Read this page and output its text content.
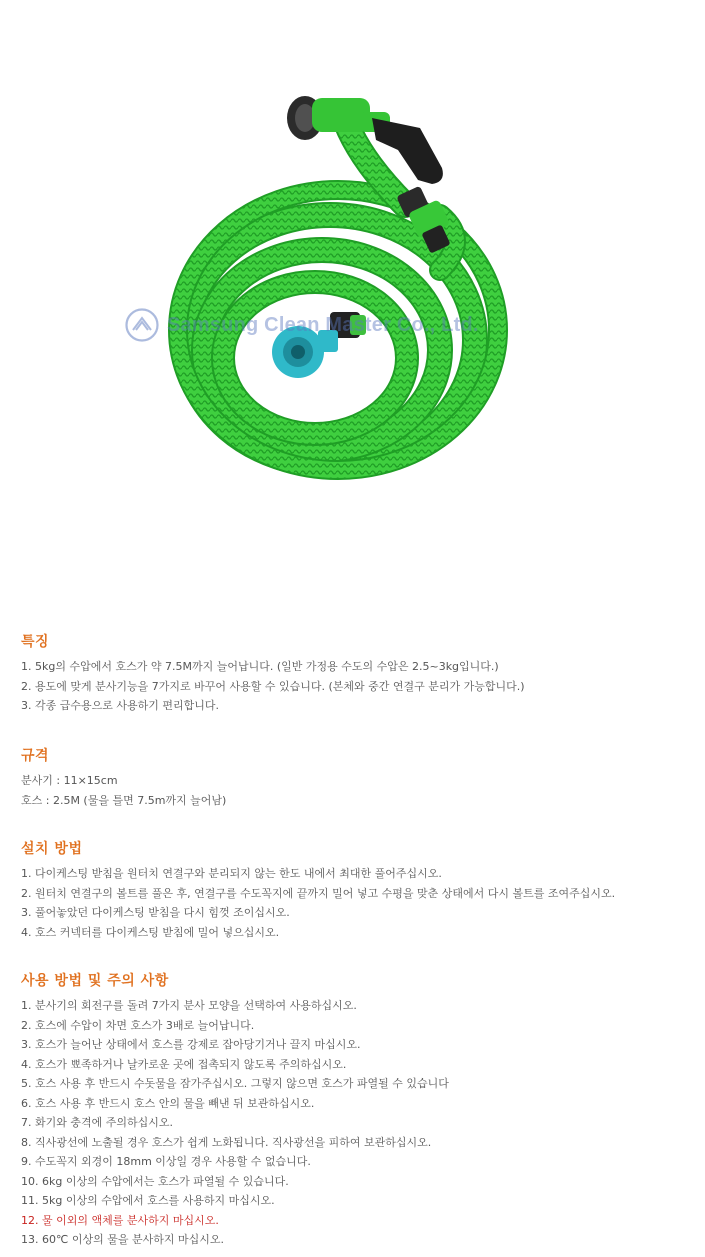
Samsung Clean Master Co., Ltd.
특징
1. 5kg의 수압에서 호스가 약 7.5M까지 늘어납니다. (일반 가정용 수도의 수압은 2.5~3kg입니다.)
2. 용도에 맞게 분사기능을 7가지로 바꾸어 사용할 수 있습니다. (본체와 중간 연결구 분리가 가능합니다.)
3. 각종 급수용으로 사용하기 편리합니다.
규격
분사기 : 11×15cm
호스 : 2.5M (물을 틀면 7.5m까지 늘어남)
설치 방법
1. 다이케스팅 받침을 원터치 연결구와 분리되지 않는 한도 내에서 최대한 풀어주십시오.
2. 원터치 연결구의 볼트를 풀은 후, 연결구를 수도꼭지에 끝까지 밀어 넣고 수평을 맞춘 상태에서 다시 볼트를 조여주십시오.
3. 풀어놓았던 다이케스팅 받침을 다시 힘껏 조이십시오.
4. 호스 커넥터를 다이케스팅 받침에 밀어 넣으십시오.
사용 방법 및 주의 사항
1. 분사기의 회전구를 돌려 7가지 분사 모양을 선택하여 사용하십시오.
2. 호스에 수압이 차면 호스가 3배로 늘어납니다.
3. 호스가 늘어난 상태에서 호스를 강제로 잡아당기거나 끌지 마십시오.
4. 호스가 뾰족하거나 날카로운 곳에 접촉되지 않도록 주의하십시오.
5. 호스 사용 후 반드시 수돗물을 잠가주십시오. 그렇지 않으면 호스가 파열될 수 있습니다
6. 호스 사용 후 반드시 호스 안의 물을 빼낸 뒤 보관하십시오.
7. 화기와 충격에 주의하십시오.
8. 직사광선에 노출될 경우 호스가 쉽게 노화됩니다. 직사광선을 피하여 보관하십시오.
9. 수도꼭지 외경이 18mm 이상일 경우 사용할 수 없습니다.
10. 6kg 이상의 수압에서는 호스가 파열될 수 있습니다.
11. 5kg 이상의 수압에서 호스를 사용하지 마십시오.
12. 물 이외의 액체를 분사하지 마십시오.
13. 60℃ 이상의 물을 분사하지 마십시오.
